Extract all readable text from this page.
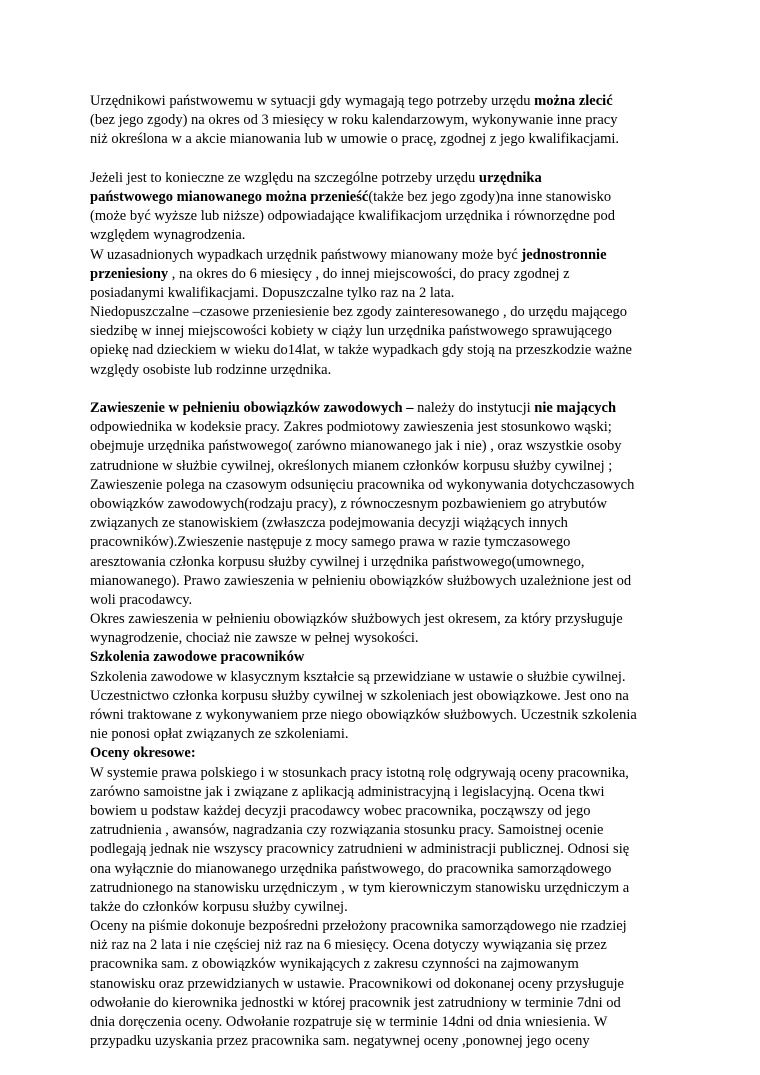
Urzędnikowi państwowemu w sytuacji gdy wymagają tego potrzeby urzędu można zlecić
(bez jego zgody) na okres od 3 miesięcy w roku kalendarzowym, wykonywanie inne pracy
niż określona w a akcie mianowania lub w umowie o pracę, zgodnej z jego kwalifikacjami.
Jeżeli jest to konieczne ze względu na szczególne potrzeby urzędu urzędnika
państwowego mianowanego można przenieść(także bez jego zgody)na inne stanowisko
(może być wyższe lub niższe) odpowiadające kwalifikacjom urzędnika i równorzędne pod
względem wynagrodzenia.
W uzasadnionych wypadkach urzędnik państwowy mianowany może być jednostronnie
przeniesiony , na okres do 6 miesięcy , do innej miejscowości, do pracy zgodnej z
posiadanymi kwalifikacjami. Dopuszczalne tylko raz na 2 lata.
Niedopuszczalne –czasowe przeniesienie bez zgody zainteresowanego , do urzędu mającego
siedzibę w innej miejscowości kobiety w ciąży lun urzędnika państwowego sprawującego
opiekę nad dzieckiem w wieku do14lat, w także wypadkach gdy stoją na przeszkodzie ważne
względy osobiste lub rodzinne urzędnika.
Zawieszenie w pełnieniu obowiązków zawodowych – należy do instytucji nie mających
odpowiednika w kodeksie pracy. Zakres podmiotowy zawieszenia jest stosunkowo wąski;
obejmuje urzędnika państwowego( zarówno mianowanego jak i nie) , oraz wszystkie osoby
zatrudnione w służbie cywilnej, określonych mianem członków korpusu służby cywilnej ;
Zawieszenie polega na czasowym odsunięciu pracownika od wykonywania dotychczasowych
obowiązków zawodowych(rodzaju pracy), z równoczesnym pozbawieniem go atrybutów
związanych ze stanowiskiem (zwłaszcza podejmowania decyzji wiążących innych
pracowników).Zwieszenie następuje z mocy samego prawa w razie tymczasowego
aresztowania członka korpusu służby cywilnej i urzędnika państwowego(umownego,
mianowanego). Prawo zawieszenia w pełnieniu obowiązków służbowych uzależnione jest od
woli pracodawcy.
Okres zawieszenia w pełnieniu obowiązków służbowych jest okresem, za który przysługuje
wynagrodzenie, chociaż nie zawsze w pełnej wysokości.
Szkolenia zawodowe pracowników
Szkolenia zawodowe w klasycznym kształcie są przewidziane w ustawie o służbie cywilnej.
Uczestnictwo członka korpusu służby cywilnej w szkoleniach jest obowiązkowe. Jest ono na
równi traktowane z wykonywaniem prze niego obowiązków służbowych. Uczestnik szkolenia
nie ponosi opłat związanych ze szkoleniami.
Oceny okresowe:
W systemie prawa polskiego i w stosunkach pracy istotną rolę odgrywają oceny pracownika,
zarówno samoistne jak i związane z aplikacją administracyjną i legislacyjną. Ocena tkwi
bowiem u podstaw każdej decyzji pracodawcy wobec pracownika, począwszy od jego
zatrudnienia , awansów, nagradzania czy rozwiązania stosunku pracy. Samoistnej ocenie
podlegają jednak nie wszyscy pracownicy zatrudnieni w administracji publicznej. Odnosi się
ona wyłącznie do mianowanego urzędnika państwowego, do pracownika samorządowego
zatrudnionego na stanowisku urzędniczym , w tym kierowniczym stanowisku urzędniczym a
także do członków korpusu służby cywilnej.
Oceny na piśmie dokonuje bezpośredni przełożony pracownika samorządowego nie rzadziej
niż raz na 2 lata i nie częściej niż raz na 6 miesięcy. Ocena dotyczy wywiązania się przez
pracownika sam. z obowiązków wynikających z zakresu czynności na zajmowanym
stanowisku oraz przewidzianych w ustawie. Pracownikowi od dokonanej oceny przysługuje
odwołanie do kierownika jednostki w której pracownik jest zatrudniony w terminie 7dni od
dnia doręczenia oceny. Odwołanie rozpatruje się w terminie 14dni od dnia wniesienia. W
przypadku uzyskania przez pracownika sam. negatywnej oceny ,ponownej jego oceny
